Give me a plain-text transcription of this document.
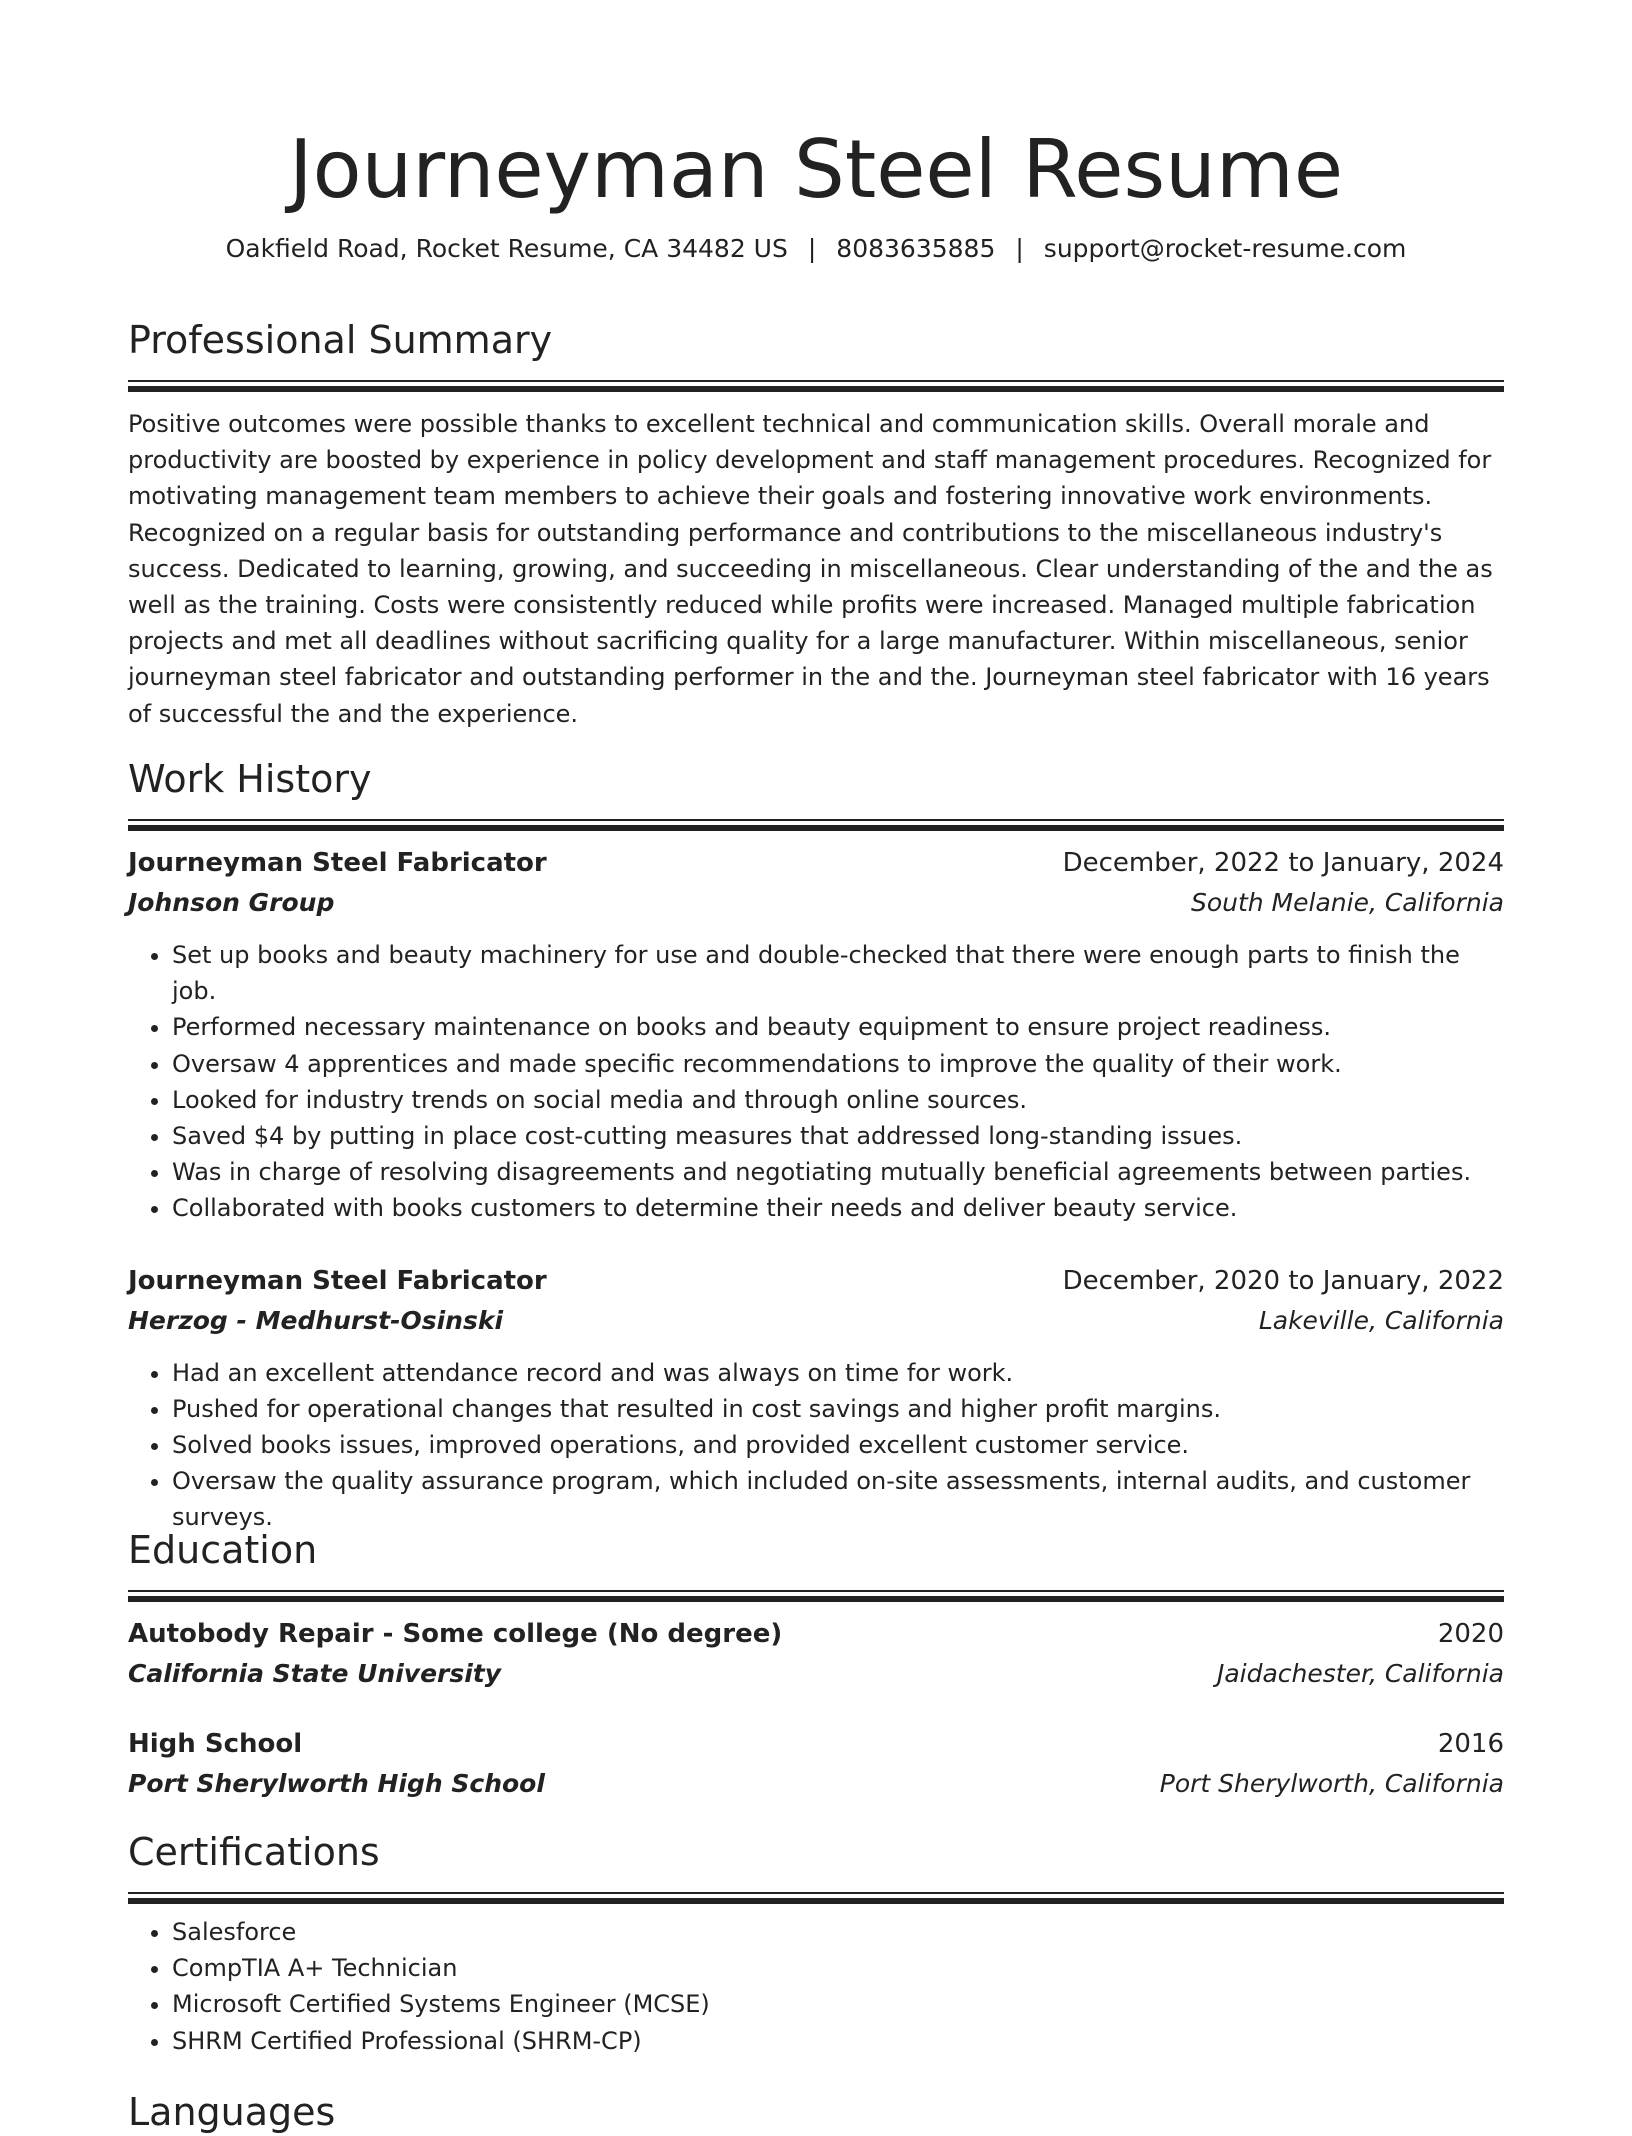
Journeyman Steel Resume
Oakfield Road, Rocket Resume, CA 34482 US | 8083635885 | support@rocket-resume.com
Professional Summary
Positive outcomes were possible thanks to excellent technical and communication skills. Overall morale and productivity are boosted by experience in policy development and staff management procedures. Recognized for motivating management team members to achieve their goals and fostering innovative work environments. Recognized on a regular basis for outstanding performance and contributions to the miscellaneous industry's success. Dedicated to learning, growing, and succeeding in miscellaneous. Clear understanding of the and the as well as the training. Costs were consistently reduced while profits were increased. Managed multiple fabrication projects and met all deadlines without sacrificing quality for a large manufacturer. Within miscellaneous, senior journeyman steel fabricator and outstanding performer in the and the. Journeyman steel fabricator with 16 years of successful the and the experience.
Work History
Journeyman Steel Fabricator	December, 2022 to January, 2024
Johnson Group	South Melanie, California
• Set up books and beauty machinery for use and double-checked that there were enough parts to finish the job.
• Performed necessary maintenance on books and beauty equipment to ensure project readiness.
• Oversaw 4 apprentices and made specific recommendations to improve the quality of their work.
• Looked for industry trends on social media and through online sources.
• Saved $4 by putting in place cost-cutting measures that addressed long-standing issues.
• Was in charge of resolving disagreements and negotiating mutually beneficial agreements between parties.
• Collaborated with books customers to determine their needs and deliver beauty service.
Journeyman Steel Fabricator	December, 2020 to January, 2022
Herzog - Medhurst-Osinski	Lakeville, California
• Had an excellent attendance record and was always on time for work.
• Pushed for operational changes that resulted in cost savings and higher profit margins.
• Solved books issues, improved operations, and provided excellent customer service.
• Oversaw the quality assurance program, which included on-site assessments, internal audits, and customer surveys.
Education
Autobody Repair - Some college (No degree)	2020
California State University	Jaidachester, California
High School	2016
Port Sherylworth High School	Port Sherylworth, California
Certifications
• Salesforce
• CompTIA A+ Technician
• Microsoft Certified Systems Engineer (MCSE)
• SHRM Certified Professional (SHRM-CP)
Languages
